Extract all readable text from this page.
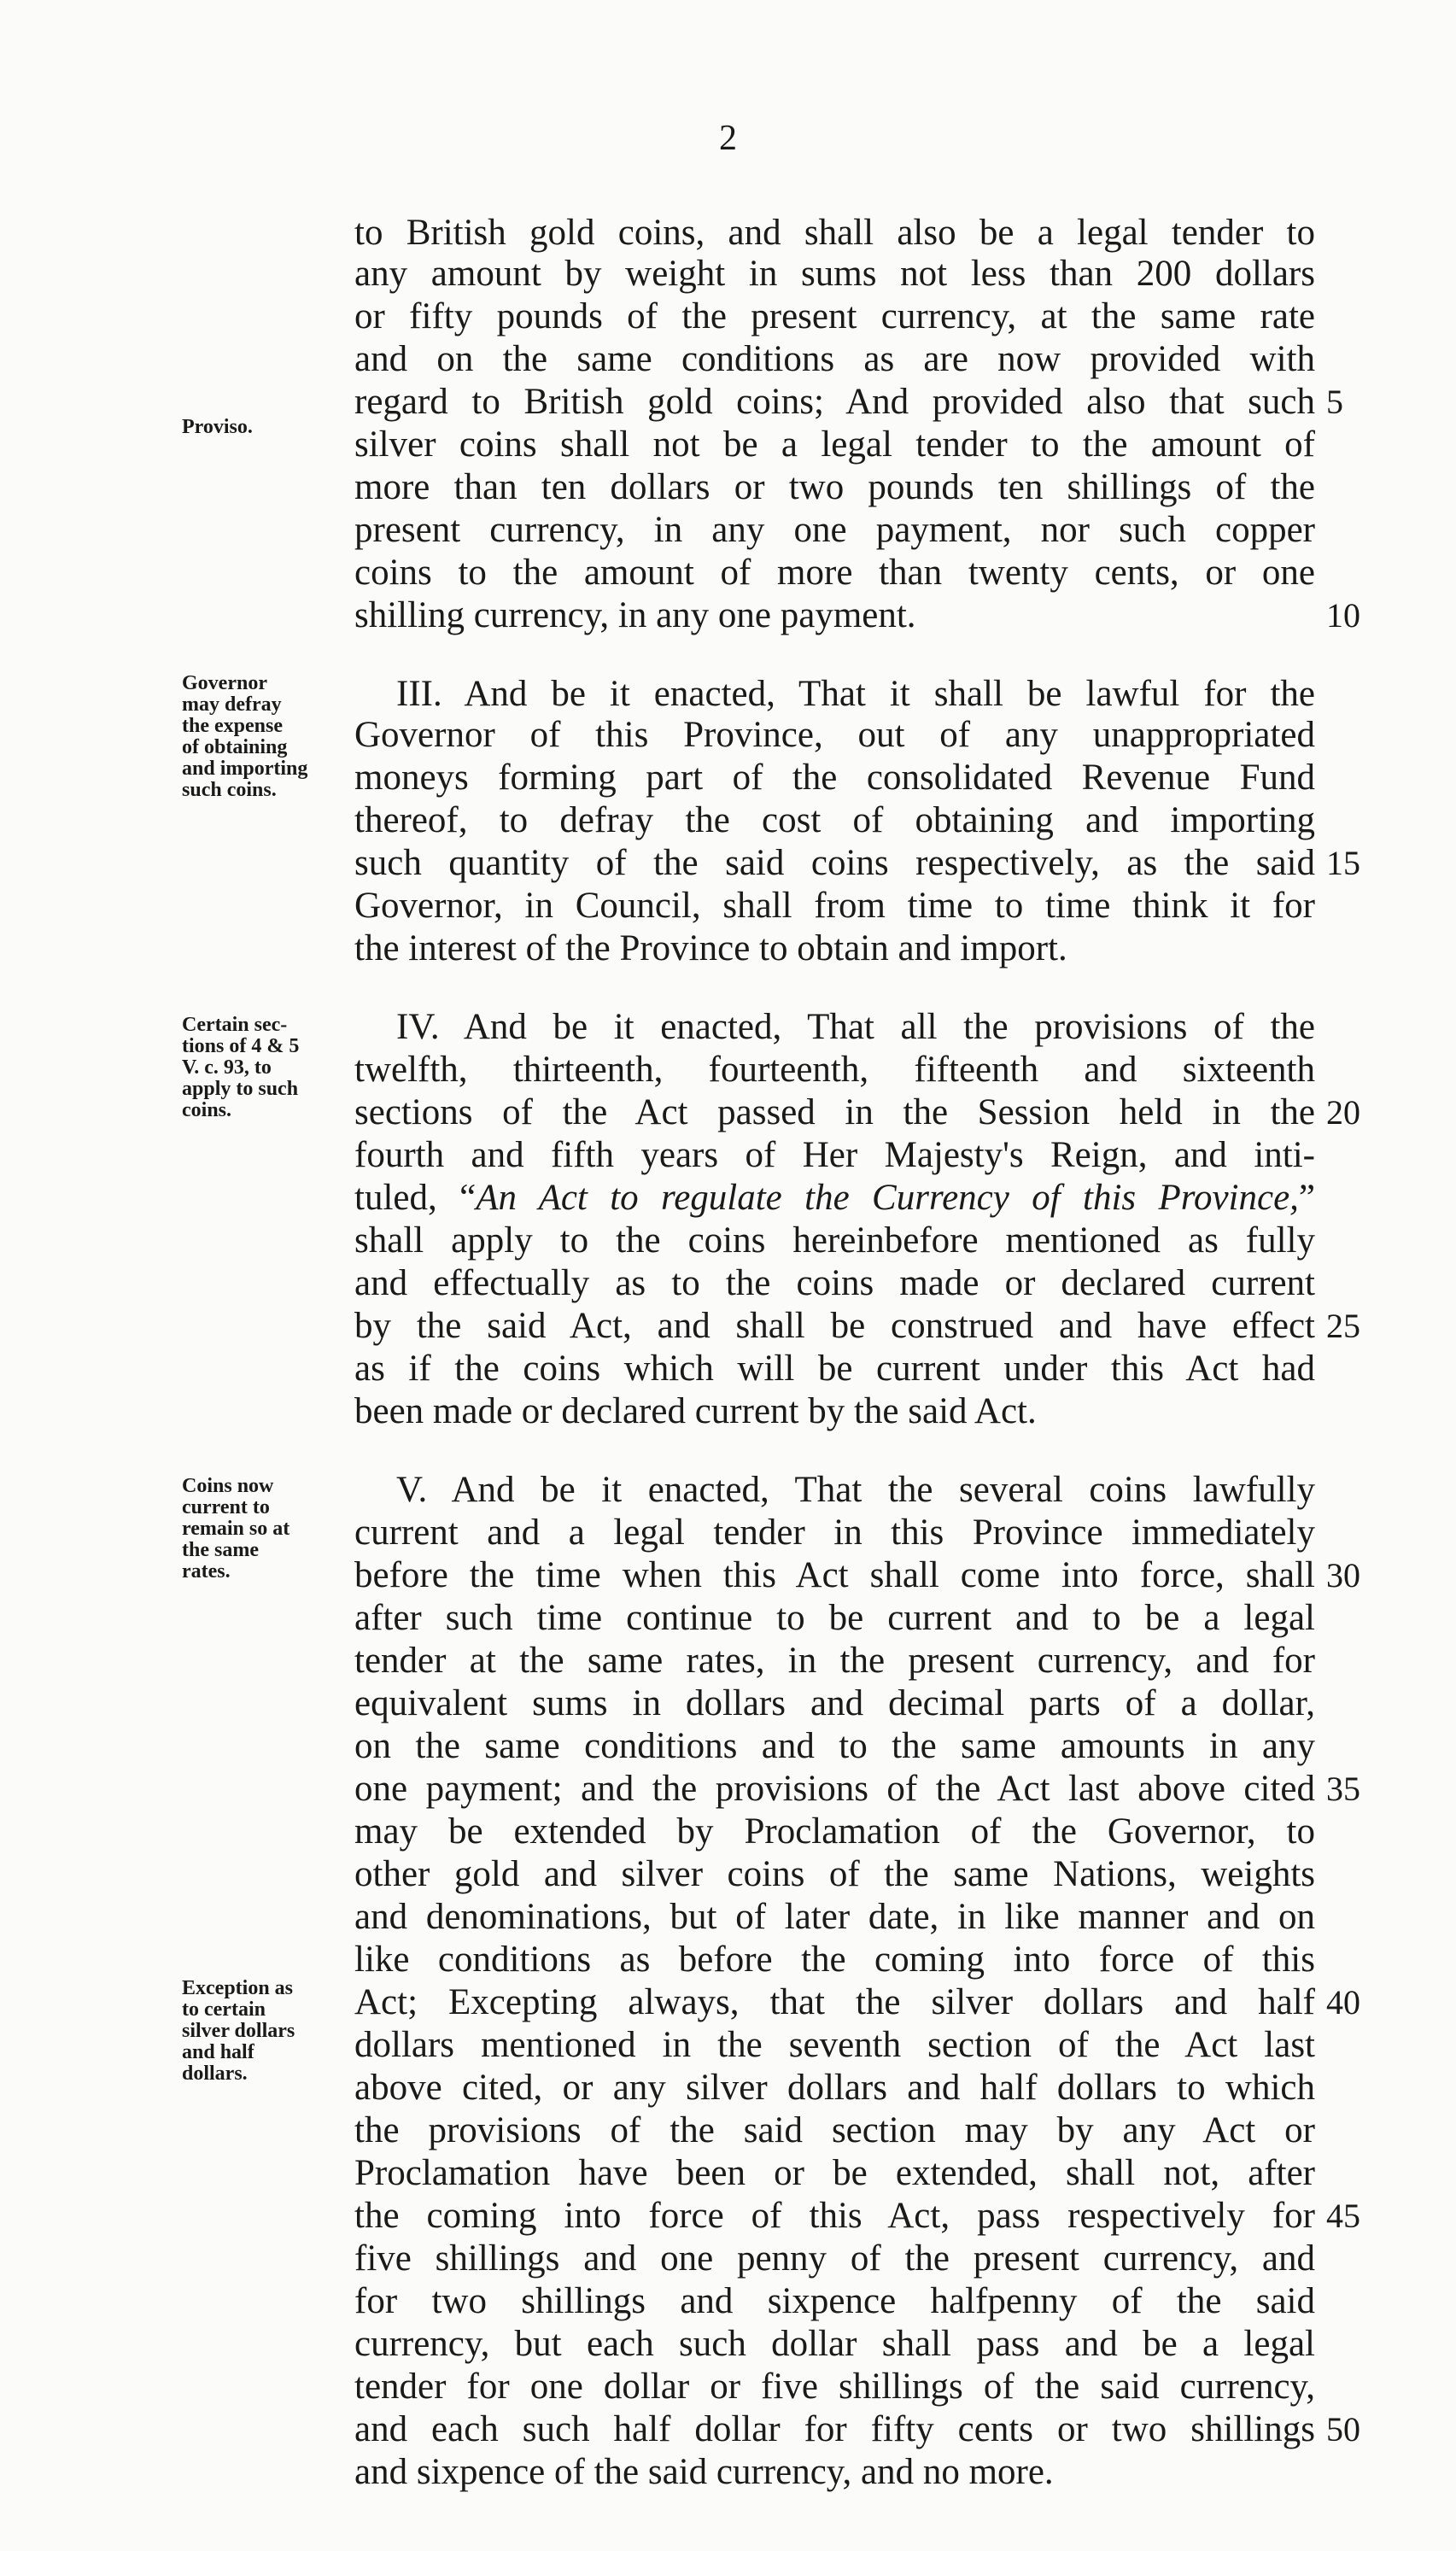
2
to British gold coins, and shall also be a legal tender to
any amount by weight in sums not less than 200 dollars
or fifty pounds of the present currency, at the same rate
and on the same conditions as are now provided with
regard to British gold coins; And provided also that such 5
silver coins shall not be a legal tender to the amount of
more than ten dollars or two pounds ten shillings of the
present currency, in any one payment, nor such copper
coins to the amount of more than twenty cents, or one
shilling currency, in any one payment.	10
III. And be it enacted, That it shall be lawful for the
Governor of this Province, out of any unappropriated
moneys forming part of the consolidated Revenue Fund
thereof, to defray the cost of obtaining and importing
such quantity of the said coins respectively, as the said 15
Governor, in Council, shall from time to time think it for
the interest of the Province to obtain and import.
IV. And be it enacted, That all the provisions of the
twelfth, thirteenth, fourteenth, fifteenth and sixteenth
sections of the Act passed in the Session held in the 20
fourth and fifth years of Her Majesty's Reign, and inti-
tuled, “An Act to regulate the Currency of this Province,”
shall apply to the coins hereinbefore mentioned as fully
and effectually as to the coins made or declared current
by the said Act, and shall be construed and have effect 25
as if the coins which will be current under this Act had
been made or declared current by the said Act.
V. And be it enacted, That the several coins lawfully
current and a legal tender in this Province immediately
before the time when this Act shall come into force, shall 30
after such time continue to be current and to be a legal
tender at the same rates, in the present currency, and for
equivalent sums in dollars and decimal parts of a dollar,
on the same conditions and to the same amounts in any
one payment; and the provisions of the Act last above cited 35
may be extended by Proclamation of the Governor, to
other gold and silver coins of the same Nations, weights
and denominations, but of later date, in like manner and on
like conditions as before the coming into force of this
Act; Excepting always, that the silver dollars and half 40
dollars mentioned in the seventh section of the Act last
above cited, or any silver dollars and half dollars to which
the provisions of the said section may by any Act or
Proclamation have been or be extended, shall not, after
the coming into force of this Act, pass respectively for 45
five shillings and one penny of the present currency, and
for two shillings and sixpence halfpenny of the said
currency, but each such dollar shall pass and be a legal
tender for one dollar or five shillings of the said currency,
and each such half dollar for fifty cents or two shillings 50
and sixpence of the said currency, and no more.
Proviso.
Governor
may defray
the expense
of obtaining
and importing
such coins.
Certain sec-
tions of 4 & 5
V. c. 93, to
apply to such
coins.
Coins now
current to
remain so at
the same
rates.
Exception as
to certain
silver dollars
and half
dollars.
